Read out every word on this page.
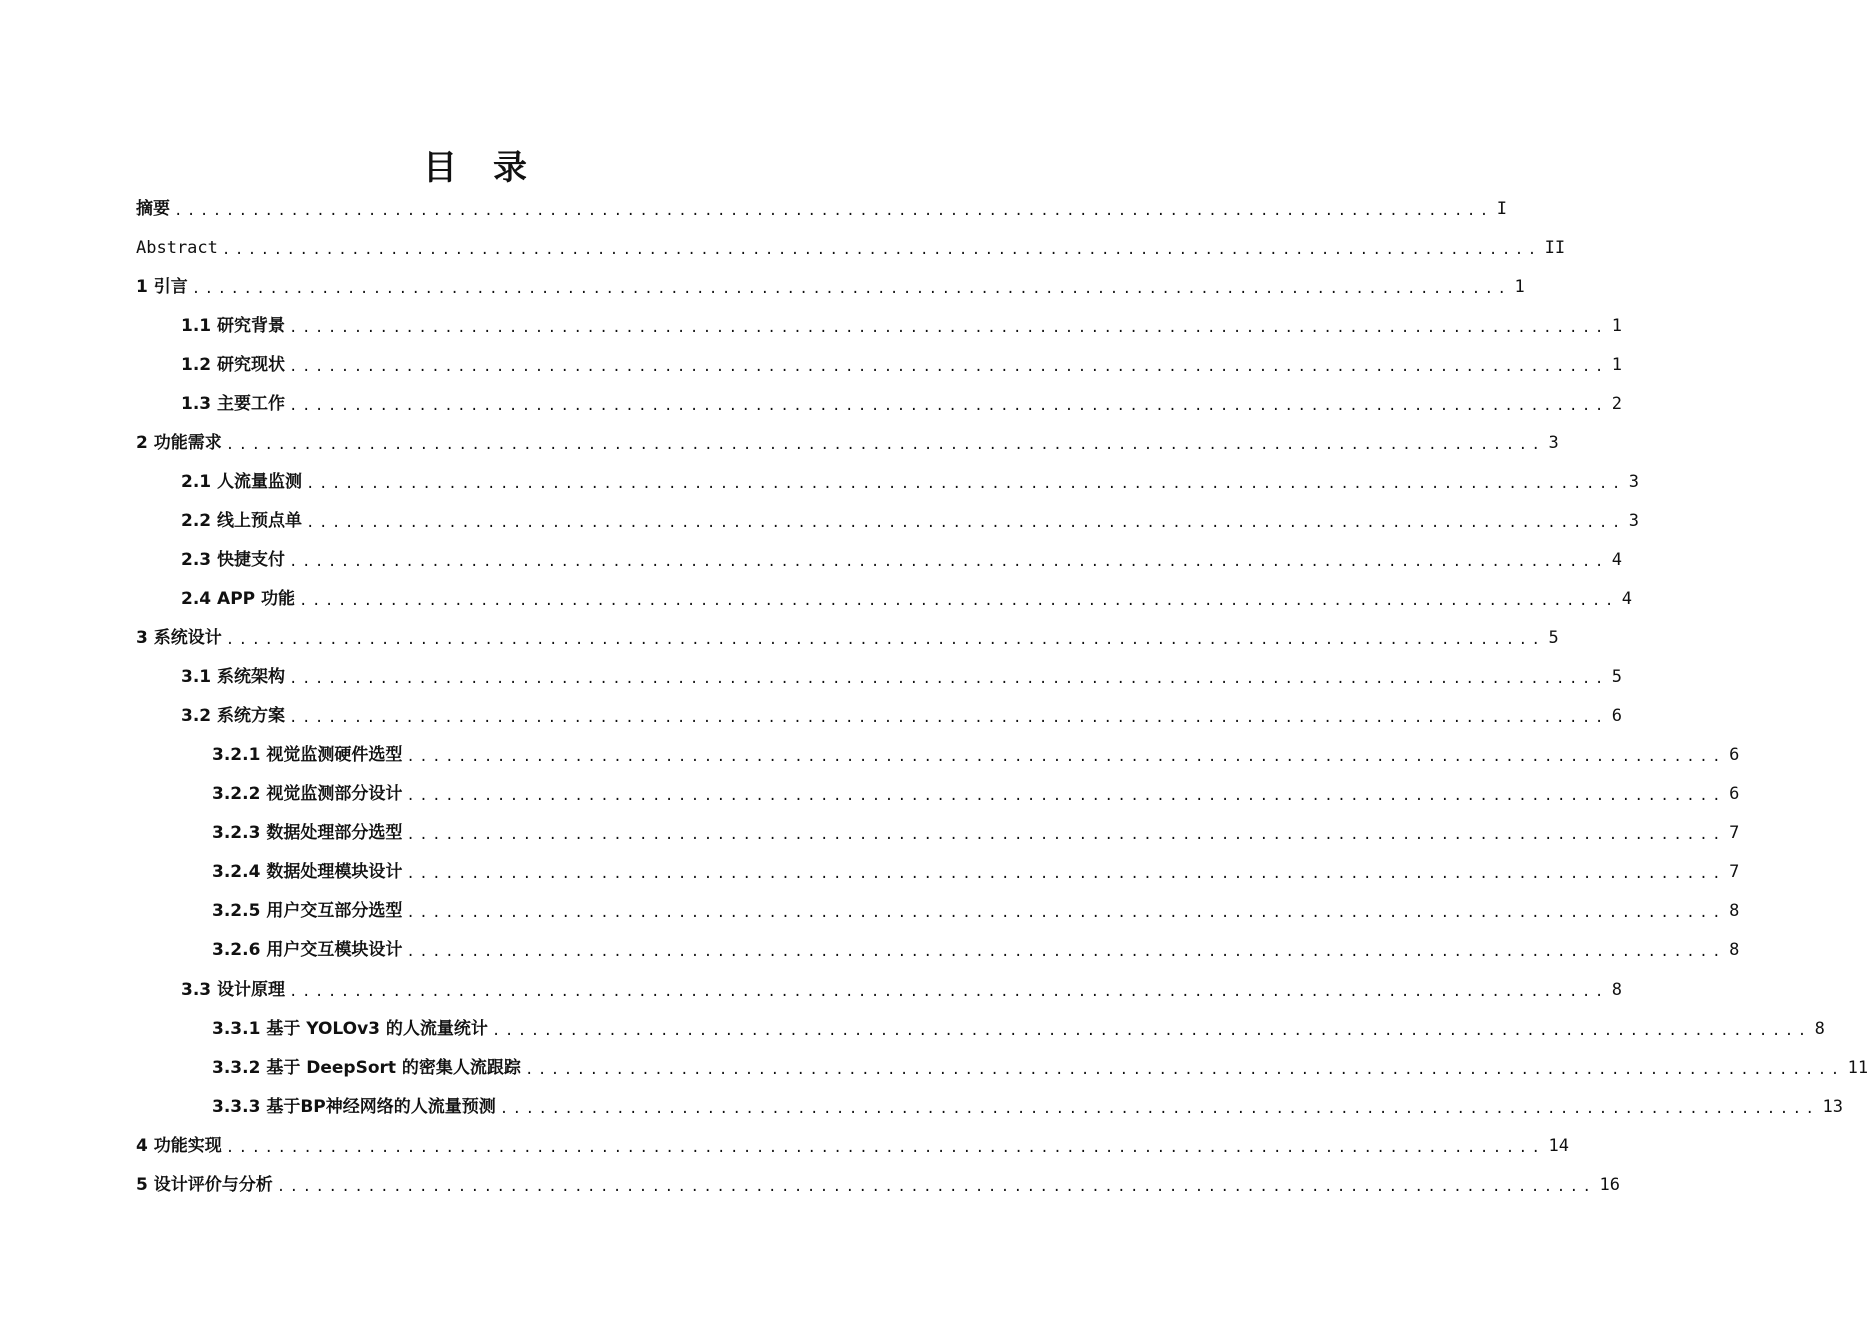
目 录
摘要 ...................................................................................................... I
Abstract ...................................................................................................... II
1 引言 ...................................................................................................... 1
1.1 研究背景 ...................................................................................................... 1
1.2 研究现状 ...................................................................................................... 1
1.3 主要工作 ...................................................................................................... 2
2 功能需求 ...................................................................................................... 3
2.1 人流量监测 ...................................................................................................... 3
2.2 线上预点单 ...................................................................................................... 3
2.3 快捷支付 ...................................................................................................... 4
2.4 APP 功能 ...................................................................................................... 4
3 系统设计 ...................................................................................................... 5
3.1 系统架构 ...................................................................................................... 5
3.2 系统方案 ...................................................................................................... 6
3.2.1 视觉监测硬件选型 ...................................................................................................... 6
3.2.2 视觉监测部分设计 ...................................................................................................... 6
3.2.3 数据处理部分选型 ...................................................................................................... 7
3.2.4 数据处理模块设计 ...................................................................................................... 7
3.2.5 用户交互部分选型 ...................................................................................................... 8
3.2.6 用户交互模块设计 ...................................................................................................... 8
3.3 设计原理 ...................................................................................................... 8
3.3.1 基于 YOLOv3 的人流量统计 ...................................................................................................... 8
3.3.2 基于 DeepSort 的密集人流跟踪 ...................................................................................................... 11
3.3.3 基于BP神经网络的人流量预测 ...................................................................................................... 13
4 功能实现 ...................................................................................................... 14
5 设计评价与分析 ...................................................................................................... 16
